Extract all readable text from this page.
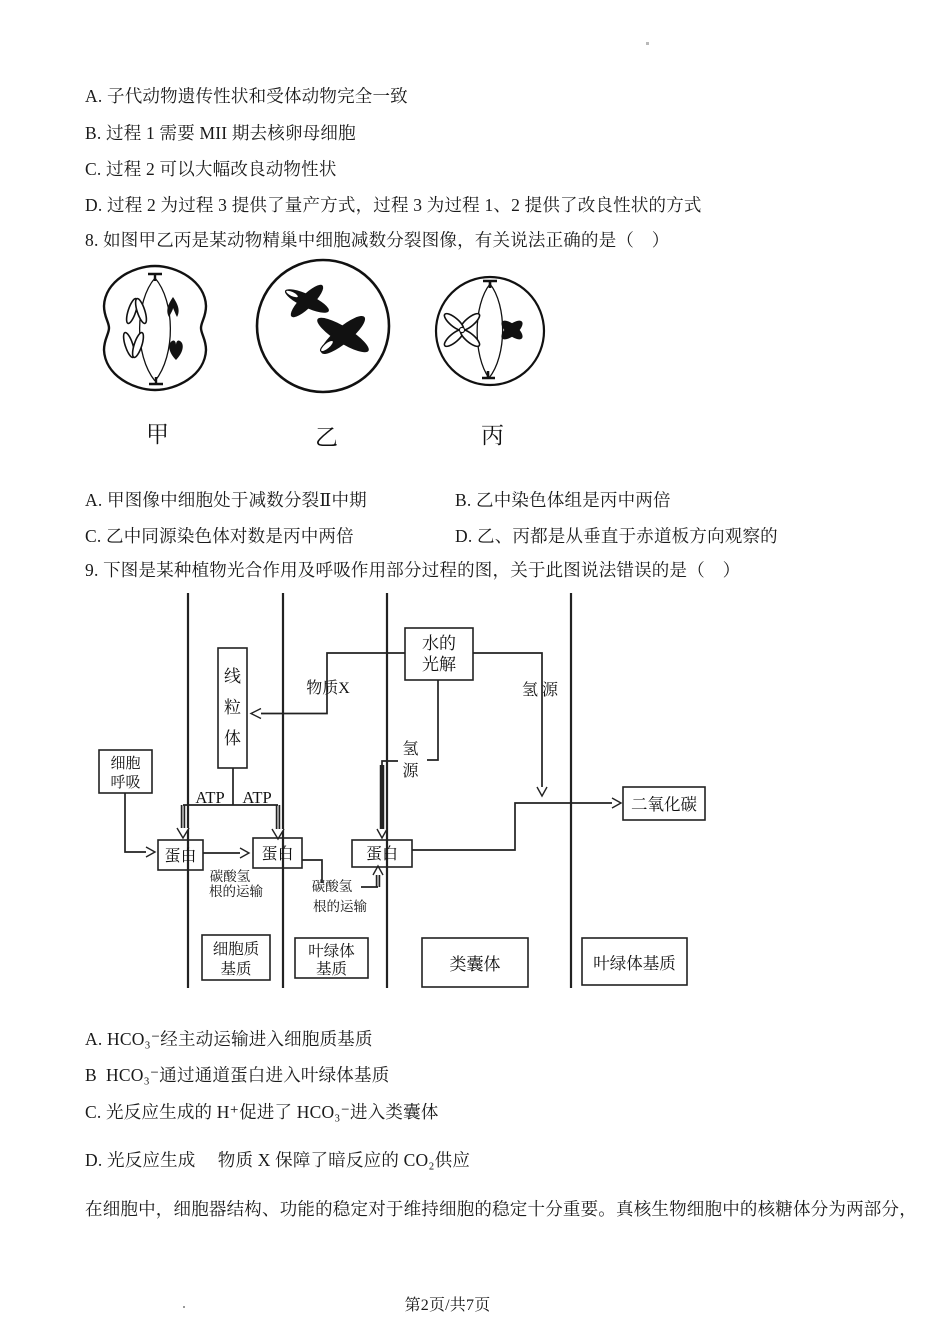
A. 子代动物遗传性状和受体动物完全一致
B. 过程 1 需要 MII 期去核卵母细胞
C. 过程 2 可以大幅改良动物性状
D. 过程 2 为过程 3 提供了量产方式，过程 3 为过程 1、2 提供了改良性状的方式
8. 如图甲乙丙是某动物精巢中细胞减数分裂图像，有关说法正确的是（　）
甲	乙	丙
A. 甲图像中细胞处于减数分裂Ⅱ中期	B. 乙中染色体组是丙中两倍
C. 乙中同源染色体对数是丙中两倍	D. 乙、丙都是从垂直于赤道板方向观察的
9. 下图是某种植物光合作用及呼吸作用部分过程的图，关于此图说法错误的是（　）
水的
光解
线
粒
体
细胞
呼吸
二氧化碳
蛋白	蛋白	蛋白
细胞质
基质
叶绿体
基质	类囊体	叶绿体基质
物质X	氢源
氢
源
ATP ATP
碳酸氢
根的运输	碳酸氢
根的运输
A. HCO₃⁻经主动运输进入细胞质基质
B  HCO₃⁻通过通道蛋白进入叶绿体基质
C. 光反应生成的 H⁺促进了 HCO₃⁻进入类囊体
D. 光反应生成　 物质 X 保障了暗反应的 CO₂供应
在细胞中，细胞器结构、功能的稳定对于维持细胞的稳定十分重要。真核生物细胞中的核糖体分为两部分，
第2页/共7页
